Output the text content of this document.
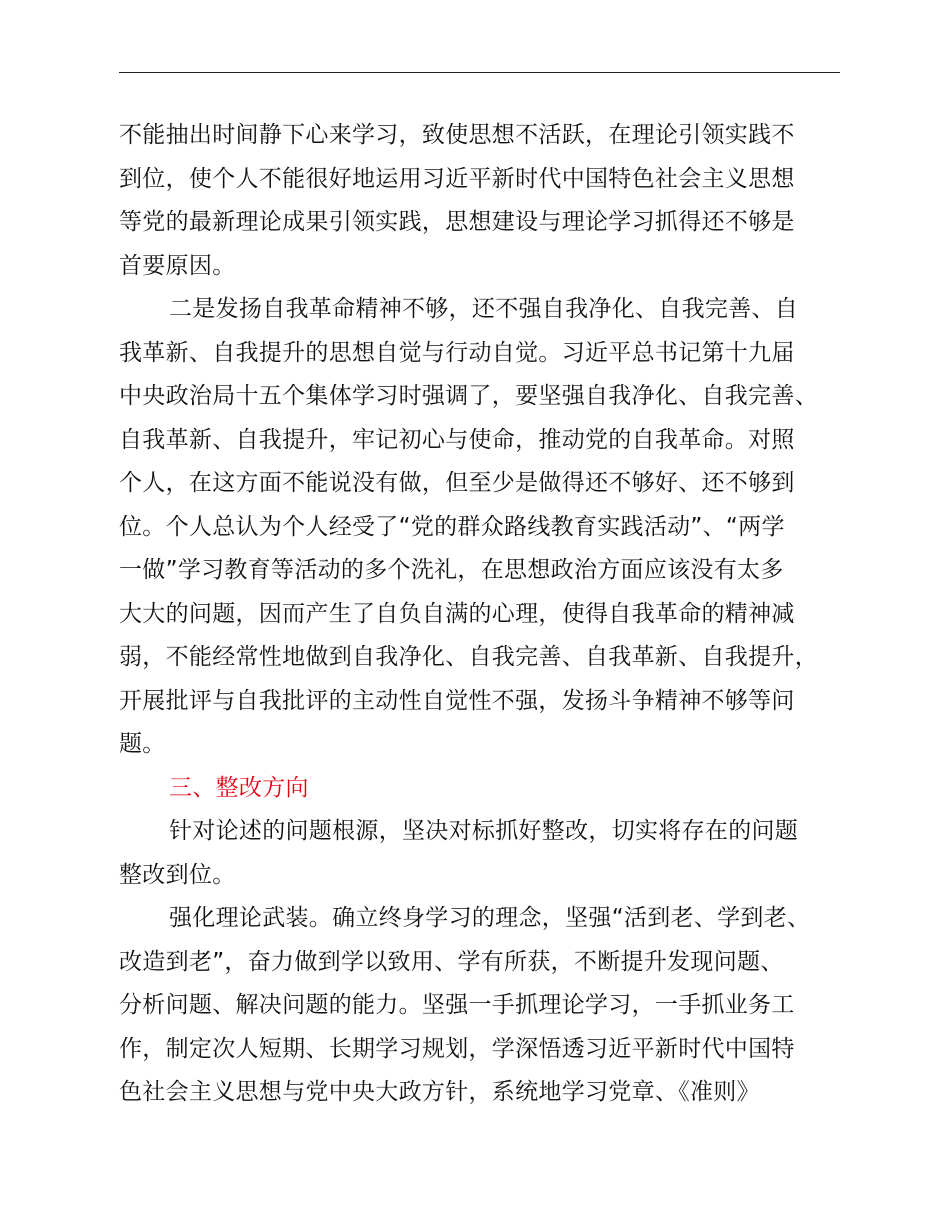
不能抽出时间静下心来学习，致使思想不活跃，在理论引领实践不
到位，使个人不能很好地运用习近平新时代中国特色社会主义思想
等党的最新理论成果引领实践，思想建设与理论学习抓得还不够是
首要原因。
二是发扬自我革命精神不够，还不强自我净化、自我完善、自
我革新、自我提升的思想自觉与行动自觉。习近平总书记第十九届
中央政治局十五个集体学习时强调了，要坚强自我净化、自我完善、
自我革新、自我提升，牢记初心与使命，推动党的自我革命。对照
个人，在这方面不能说没有做，但至少是做得还不够好、还不够到
位。个人总认为个人经受了“党的群众路线教育实践活动”、“两学
一做”学习教育等活动的多个洗礼，在思想政治方面应该没有太多
大大的问题，因而产生了自负自满的心理，使得自我革命的精神减
弱，不能经常性地做到自我净化、自我完善、自我革新、自我提升，
开展批评与自我批评的主动性自觉性不强，发扬斗争精神不够等问
题。
三、整改方向
针对论述的问题根源，坚决对标抓好整改，切实将存在的问题
整改到位。
强化理论武装。确立终身学习的理念，坚强“活到老、学到老、
改造到老”，奋力做到学以致用、学有所获，不断提升发现问题、
分析问题、解决问题的能力。坚强一手抓理论学习，一手抓业务工
作，制定次人短期、长期学习规划，学深悟透习近平新时代中国特
色社会主义思想与党中央大政方针，系统地学习党章、《准则》
